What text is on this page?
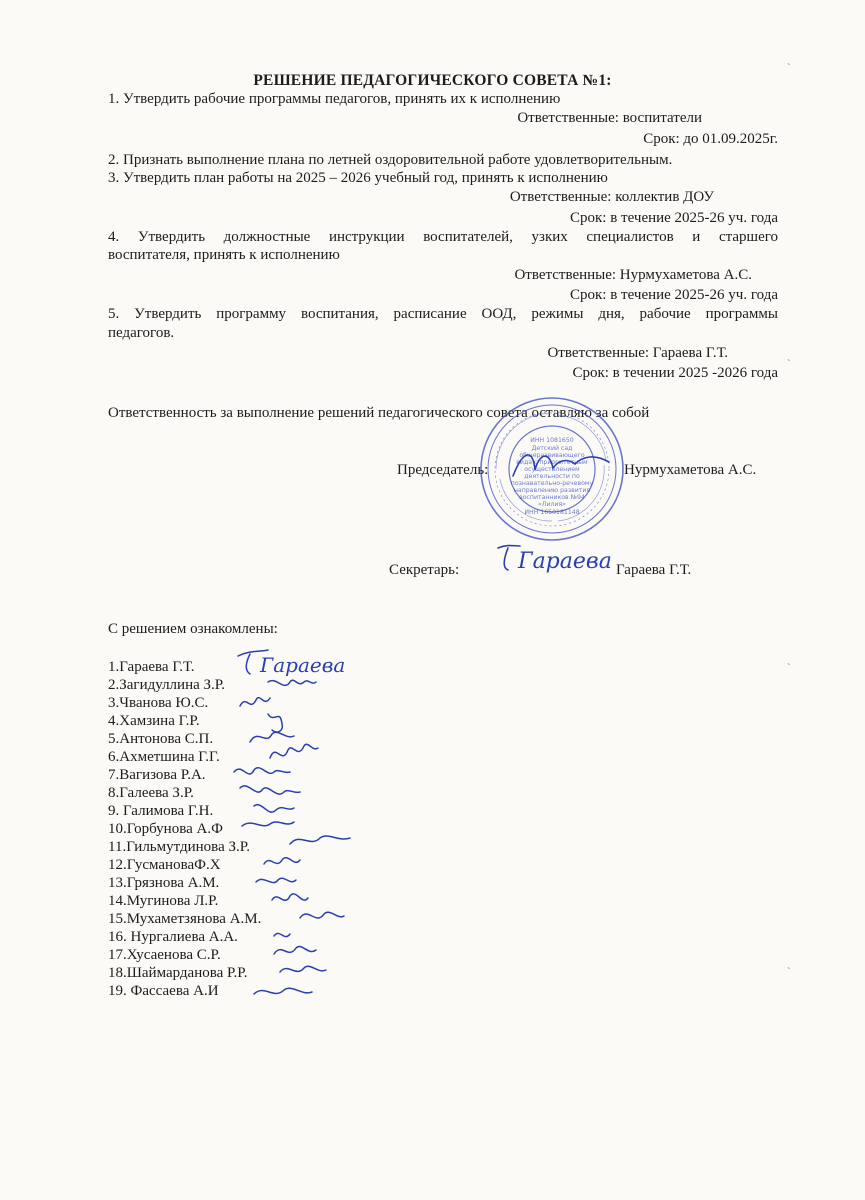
РЕШЕНИЕ ПЕДАГОГИЧЕСКОГО СОВЕТА №1:
1. Утвердить рабочие программы педагогов, принять их к исполнению
Ответственные: воспитатели
Срок: до 01.09.2025г.
2. Признать выполнение плана по летней оздоровительной работе удовлетворительным.
3. Утвердить план работы на 2025 – 2026 учебный год, принять к исполнению
Ответственные: коллектив ДОУ
Срок: в течение 2025-26 уч. года
4. Утвердить должностные инструкции воспитателей, узких специалистов и старшего
воспитателя, принять к исполнению
Ответственные: Нурмухаметова А.С.
Срок: в течение 2025-26 уч. года
5. Утвердить программу воспитания, расписание ООД, режимы дня, рабочие программы
педагогов.
Ответственные: Гараева Г.Т.
Срок: в течении 2025 -2026 года
Ответственность за выполнение решений педагогического совета оставляю за собой
ИНН 1081650
Детский сад
общеразвивающего
вида с приоритетным
осуществлением
деятельности по
познавательно-речевому
направлению развития
воспитанников №94
«Лилия»
ИНН 1650181148
Председатель:	Нурмухаметова А.С.
Секретарь:	Гараева Гараева Г.Т.
С решением ознакомлены:
1.Гараева Г.Т.
2.Загидуллина З.Р.
3.Чванова Ю.С.
4.Хамзина Г.Р.
5.Антонова С.П.
6.Ахметшина Г.Г.
7.Вагизова Р.А.
8.Галеева З.Р.
9. Галимова Г.Н.
10.Горбунова А.Ф
11.Гильмутдинова З.Р.
12.ГусмановаФ.Х
13.Грязнова А.М.
14.Мугинова Л.Р.
15.Мухаметзянова А.М.
16. Нургалиева А.А.
17.Хусаенова С.Р.
18.Шаймарданова Р.Р.
19. Фассаева А.И
Гараева
`
`
`
`
